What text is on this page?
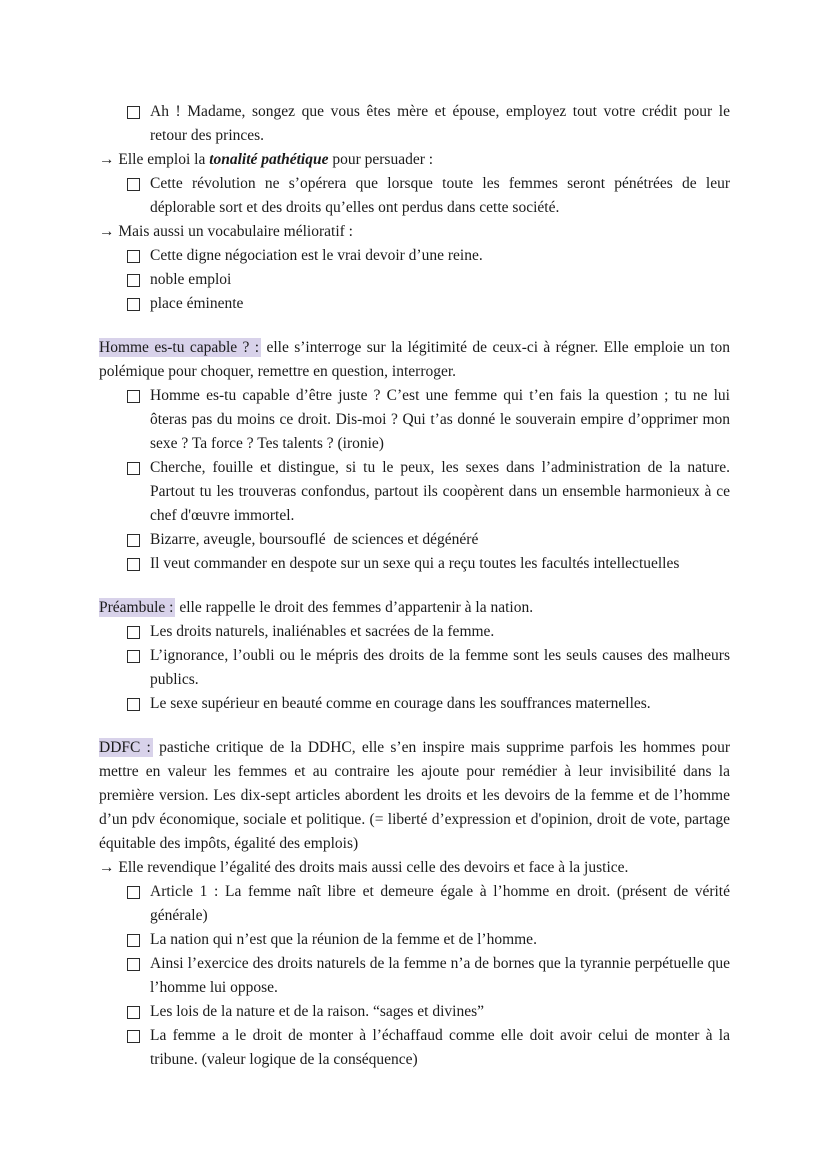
Ah ! Madame, songez que vous êtes mère et épouse, employez tout votre crédit pour le retour des princes.

→ Elle emploi la tonalité pathétique pour persuader :

Cette révolution ne s’opérera que lorsque toute les femmes seront pénétrées de leur déplorable sort et des droits qu’elles ont perdus dans cette société.

→ Mais aussi un vocabulaire mélioratif :

Cette digne négociation est le vrai devoir d’une reine.
noble emploi
place éminente

Homme es-tu capable ? : elle s’interroge sur la légitimité de ceux-ci à régner. Elle emploie un ton polémique pour choquer, remettre en question, interroger.

Homme es-tu capable d’être juste ? C’est une femme qui t’en fais la question ; tu ne lui ôteras pas du moins ce droit. Dis-moi ? Qui t’as donné le souverain empire d’opprimer mon sexe ? Ta force ? Tes talents ? (ironie)
Cherche, fouille et distingue, si tu le peux, les sexes dans l’administration de la nature. Partout tu les trouveras confondus, partout ils coopèrent dans un ensemble harmonieux à ce chef d'œuvre immortel.
Bizarre, aveugle, boursouflé  de sciences et dégénéré
Il veut commander en despote sur un sexe qui a reçu toutes les facultés intellectuelles

Préambule : elle rappelle le droit des femmes d’appartenir à la nation.

Les droits naturels, inaliénables et sacrées de la femme.
L’ignorance, l’oubli ou le mépris des droits de la femme sont les seuls causes des malheurs publics.
Le sexe supérieur en beauté comme en courage dans les souffrances maternelles.

DDFC : pastiche critique de la DDHC, elle s’en inspire mais supprime parfois les hommes pour mettre en valeur les femmes et au contraire les ajoute pour remédier à leur invisibilité dans la première version. Les dix-sept articles abordent les droits et les devoirs de la femme et de l’homme d’un pdv économique, sociale et politique. (= liberté d’expression et d'opinion, droit de vote, partage équitable des impôts, égalité des emplois)

→ Elle revendique l’égalité des droits mais aussi celle des devoirs et face à la justice.

Article 1 : La femme naît libre et demeure égale à l’homme en droit. (présent de vérité générale)
La nation qui n’est que la réunion de la femme et de l’homme.
Ainsi l’exercice des droits naturels de la femme n’a de bornes que la tyrannie perpétuelle que l’homme lui oppose.
Les lois de la nature et de la raison. “sages et divines”
La femme a le droit de monter à l’échaffaud comme elle doit avoir celui de monter à la tribune. (valeur logique de la conséquence)
